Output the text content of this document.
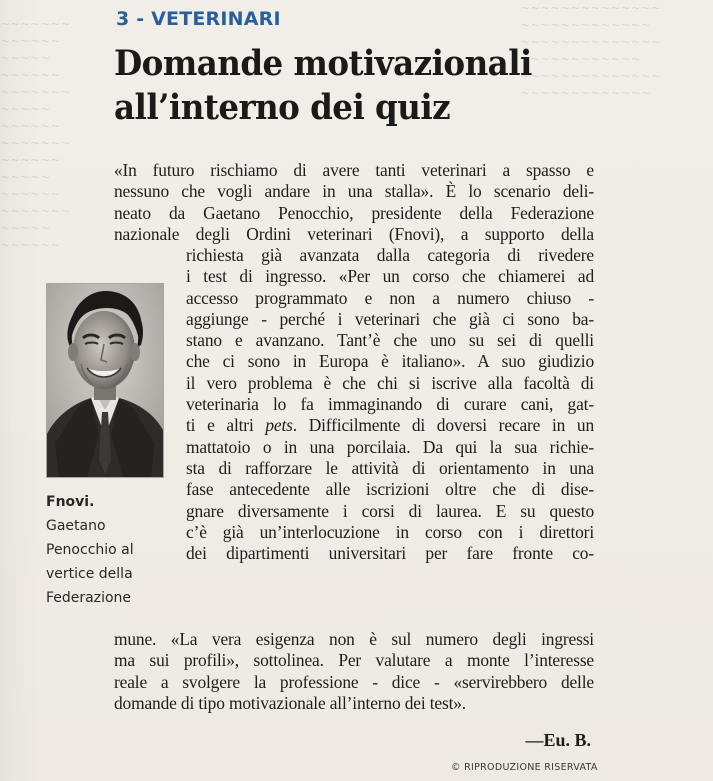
~~~~~~~
~~~~~~
~~~~~
~~~~~~
~~~~~~~
~~~~~
~~~~~~
~~~~~~~
~~~~~~
~~~~~
~~~~~~
~~~~~~~
~~~~~
~~~~~~
~~~~~~~~~~~~~~
~~~~~~~~~~~~~
~~~~~~~~~~~~~~
~~~~~~~~~~~~
~~~~~~~~~~~~~~
~~~~~~~~~~~~~

3 - VETERINARI

Domande motivazionali
all’interno dei quiz

«In futuro rischiamo di avere tanti veterinari a spasso e
nessuno che vogli andare in una stalla». È lo scenario deli-
neato da Gaetano Penocchio, presidente della Federazione
nazionale degli Ordini veterinari (Fnovi), a supporto della

Fnovi.
Gaetano Penocchio al vertice della Federazione

richiesta già avanzata dalla categoria di rivedere
i test di ingresso. «Per un corso che chiamerei ad
accesso programmato e non a numero chiuso -
aggiunge - perché i veterinari che già ci sono ba-
stano e avanzano. Tant’è che uno su sei di quelli
che ci sono in Europa è italiano». A suo giudizio
il vero problema è che chi si iscrive alla facoltà di
veterinaria lo fa immaginando di curare cani, gat-
ti e altri pets. Difficilmente di doversi recare in un
mattatoio o in una porcilaia. Da qui la sua richie-
sta di rafforzare le attività di orientamento in una
fase antecedente alle iscrizioni oltre che di dise-
gnare diversamente i corsi di laurea. E su questo
c’è già un’interlocuzione in corso con i direttori
dei dipartimenti universitari per fare fronte co-

mune. «La vera esigenza non è sul numero degli ingressi
ma sui profili», sottolinea. Per valutare a monte l’interesse
reale a svolgere la professione - dice - «servirebbero delle
domande di tipo motivazionale all’interno dei test».

—Eu. B.

© RIPRODUZIONE RISERVATA
